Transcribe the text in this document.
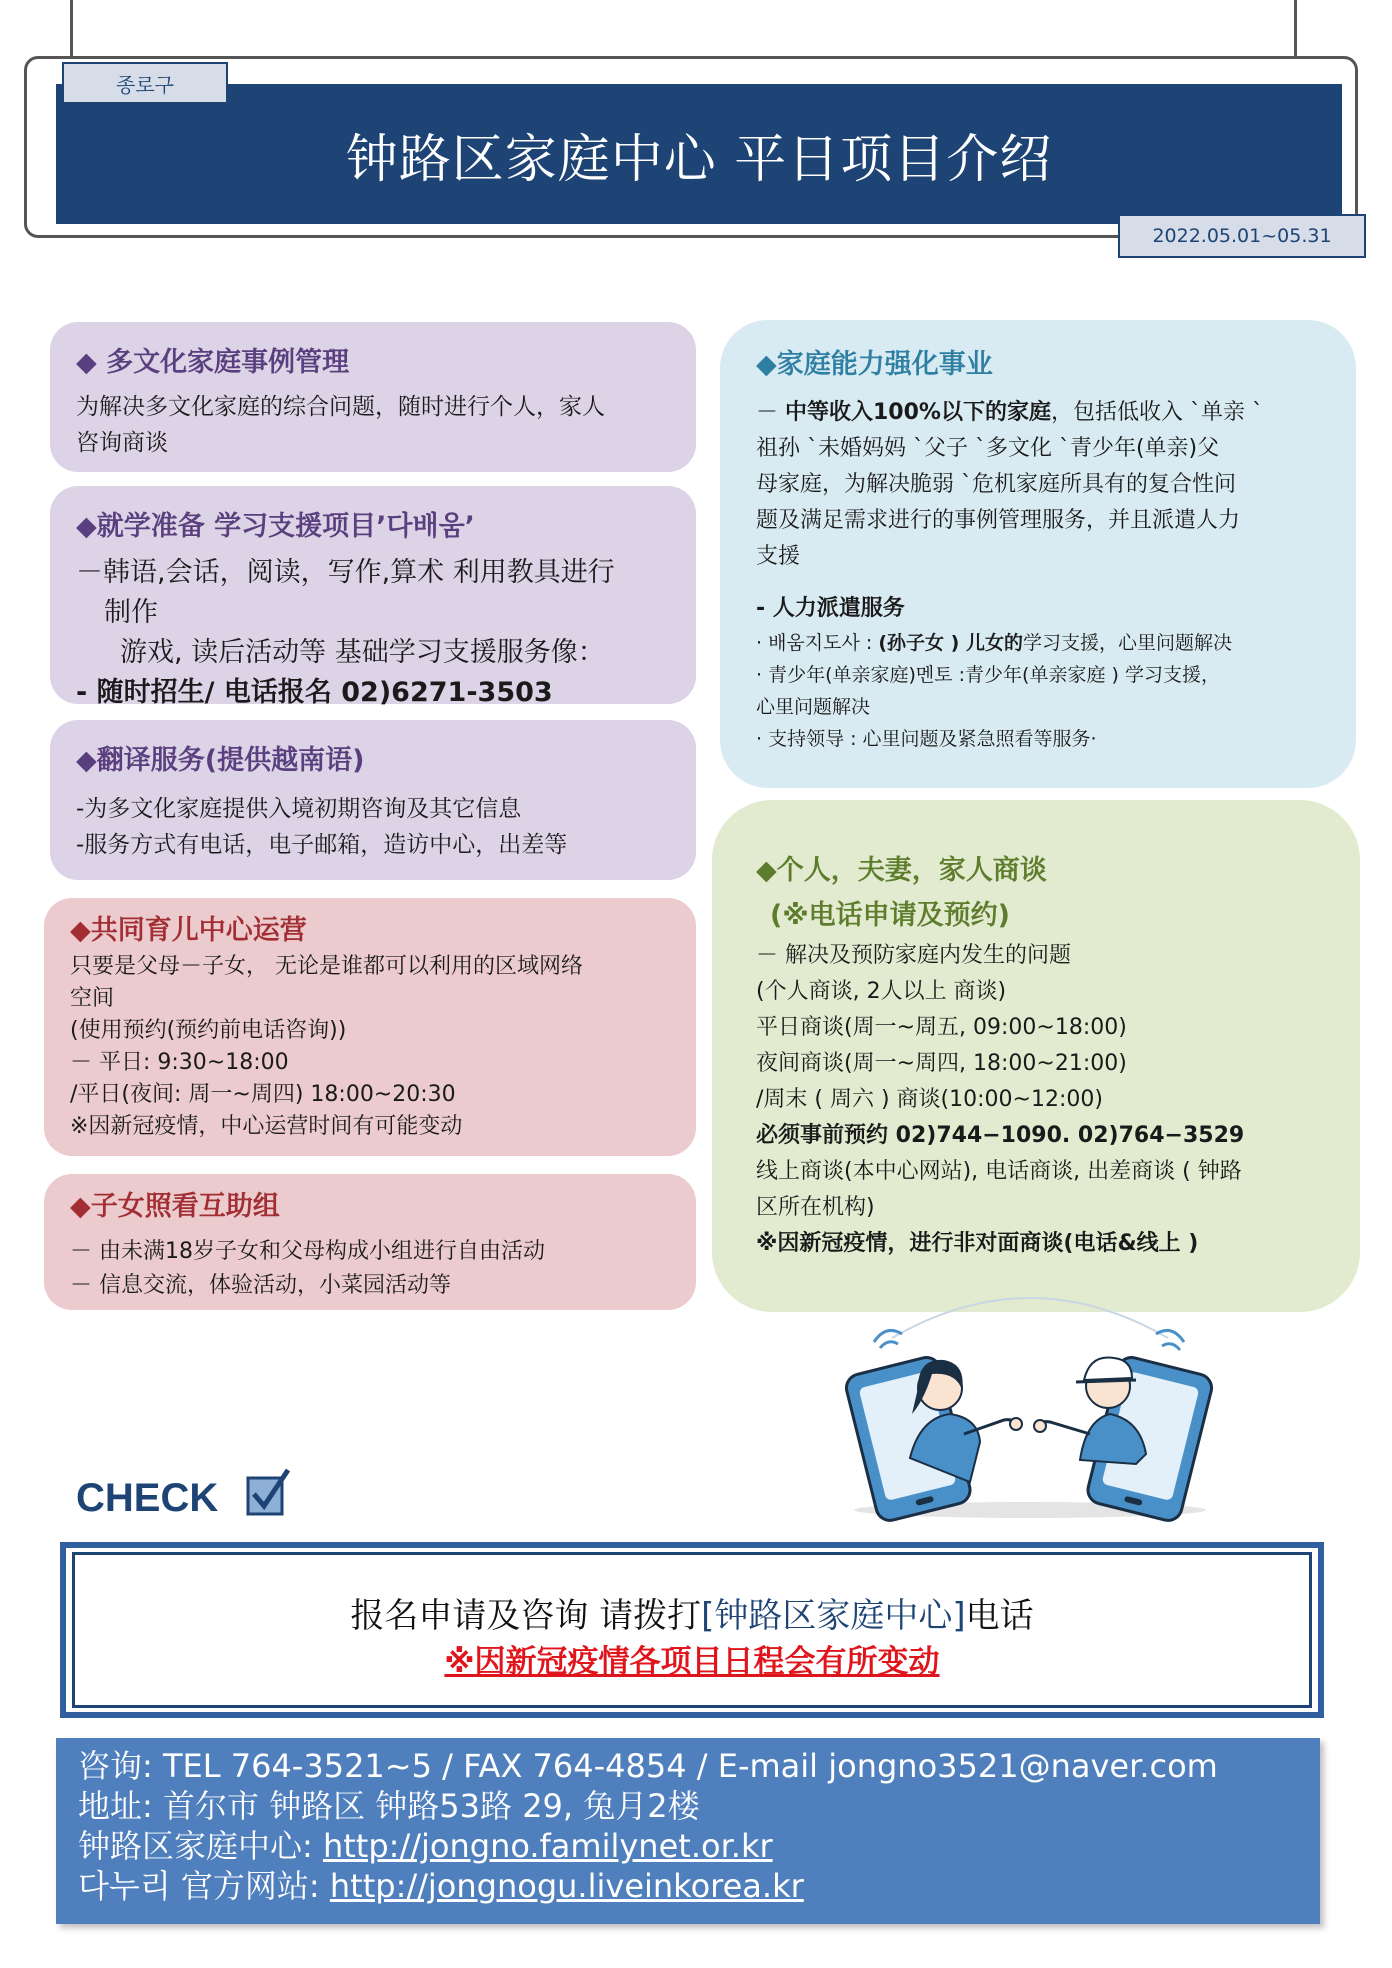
钟路区家庭中心 平日项目介绍
종로구
2022.05.01~05.31
◆ 多文化家庭事例管理

为解决多文化家庭的综合问题，随时进行个人，家人

咨询商谈

◆就学准备 学习支援项目’다배움’

－韩语,会话，阅读，写作,算术 利用教具进行

制作

游戏, 读后活动等 基础学习支援服务像：

- 随时招生/ 电话报名 02)6271-3503

◆翻译服务(提供越南语)

-为多文化家庭提供入境初期咨询及其它信息

-服务方式有电话，电子邮箱，造访中心，出差等

◆共同育儿中心运营

只要是父母－子女， 无论是谁都可以利用的区域网络

空间

(使用预约(预约前电话咨询))

－ 平日: 9:30~18:00

/平日(夜间: 周一~周四) 18:00~20:30

※因新冠疫情，中心运营时间有可能变动

◆子女照看互助组

－ 由未满18岁子女和父母构成小组进行自由活动

－ 信息交流，体验活动，小菜园活动等

◆家庭能力强化事业

－ 中等收入100%以下的家庭，包括低收入 `单亲 `

祖孙 `未婚妈妈 `父子 `多文化 `青少年(单亲)父

母家庭，为解决脆弱 `危机家庭所具有的复合性问

题及满足需求进行的事例管理服务，并且派遣人力

支援

- 人力派遣服务

· 배움지도사 : (孙子女 ) 儿女的学习支援，心里问题解决

· 青少年(单亲家庭)멘토 :青少年(单亲家庭 ) 学习支援，

心里问题解决

· 支持领导 : 心里问题及紧急照看等服务·

◆个人，夫妻，家人商谈
(※电话申请及预约)

－ 解决及预防家庭内发生的问题

(个人商谈, 2人以上 商谈)

平日商谈(周一~周五, 09:00~18:00)

夜间商谈(周一~周四, 18:00~21:00)

/周末 ( 周六 ) 商谈(10:00~12:00)

必须事前预约 02)744−1090. 02)764−3529

线上商谈(本中心网站), 电话商谈, 出差商谈 ( 钟路

区所在机构)

※因新冠疫情，进行非对面商谈(电话&线上 )

CHECK
报名申请及咨询 请拨打[钟路区家庭中心]电话
※因新冠疫情各项目日程会有所变动
咨询: TEL 764-3521~5 / FAX 764-4854 / E-mail jongno3521@naver.com
地址: 首尔市 钟路区 钟路53路 29, 兔月2楼
钟路区家庭中心: http://jongno.familynet.or.kr
다누리 官方网站: http://jongnogu.liveinkorea.kr
